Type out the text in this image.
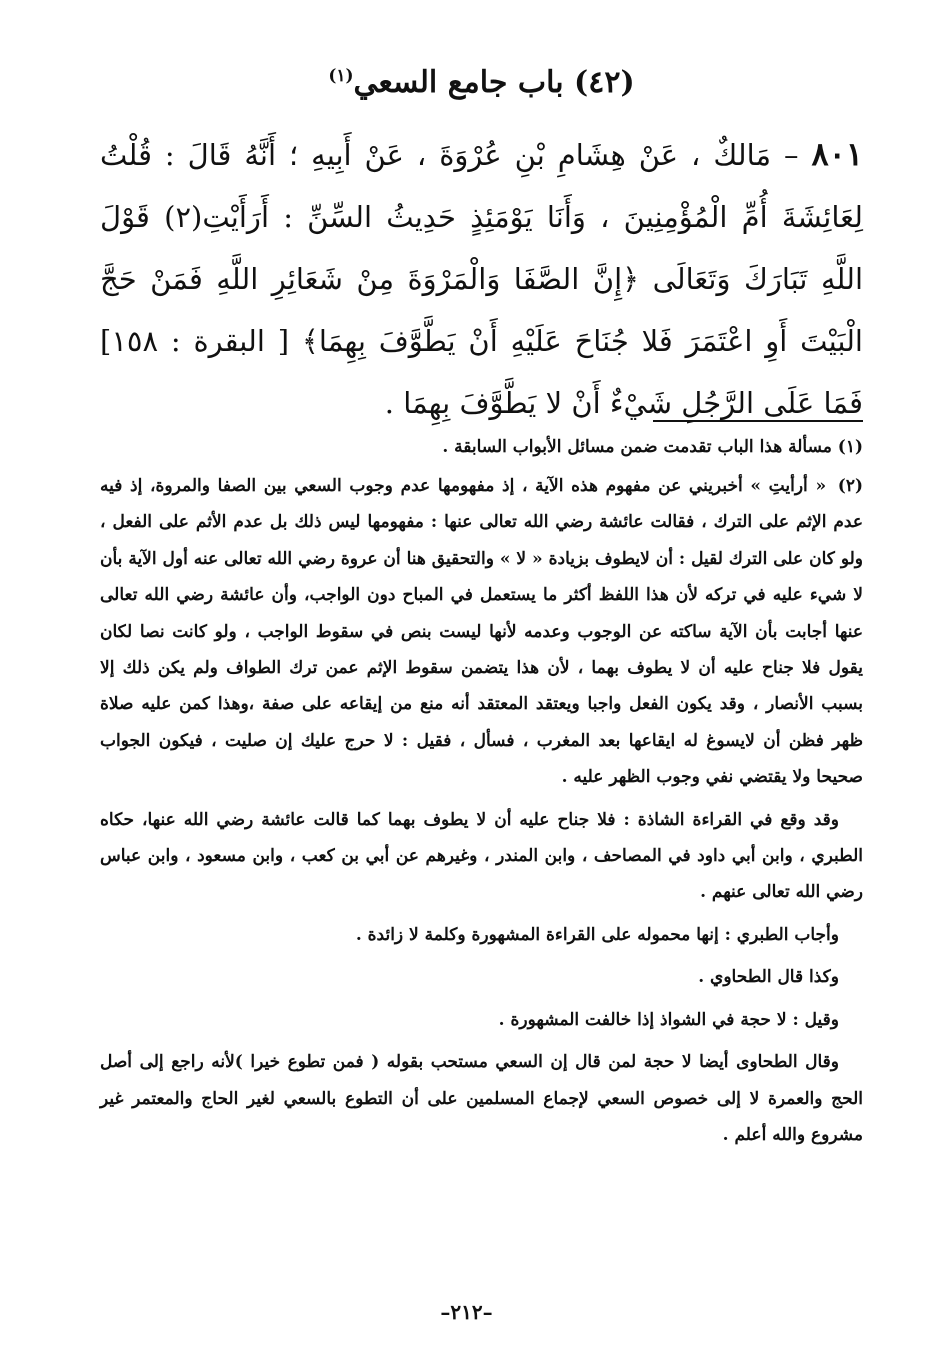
(٤٢) باب جامع السعي$^{(١)}$

٨٠١ – مَالكٌ ، عَنْ هِشَامِ بْنِ عُرْوَةَ ، عَنْ أَبِيهِ ؛ أَنَّهُ قَالَ : قُلْتُ لِعَائِشَةَ أُمِّ الْمُؤْمِنِينَ ، وَأَنَا يَوْمَئِذٍ حَدِيثُ السِّنِّ : أَرَأَيْتِ(٢) قَوْلَ اللَّهِ تَبَارَكَ وَتَعَالَى ﴿إِنَّ الصَّفَا وَالْمَرْوَةَ مِنْ شَعَائِرِ اللَّهِ فَمَنْ حَجَّ الْبَيْتَ أَوِ اعْتَمَرَ فَلا جُنَاحَ عَلَيْهِ أَنْ يَطَّوَّفَ بِهِمَا﴾ [ البقرة : ١٥٨] فَمَا عَلَى الرَّجُلِ شَيْءٌ أَنْ لا يَطَّوَّفَ بِهِمَا .

(١) مسألة هذا الباب تقدمت ضمن مسائل الأبواب السابقة .

(٢) « أرأيتِ » أخبريني عن مفهوم هذه الآية ، إذ مفهومها عدم وجوب السعي بين الصفا والمروة، إذ فيه عدم الإثم على الترك ، فقالت عائشة رضي الله تعالى عنها : مفهومها ليس ذلك بل عدم الأثم على الفعل ، ولو كان على الترك لقيل : أن لايطوف بزيادة « لا » والتحقيق هنا أن عروة رضي الله تعالى عنه أول الآية بأن لا شيء عليه في تركه لأن هذا اللفظ أكثر ما يستعمل في المباح دون الواجب، وأن عائشة رضي الله تعالى عنها أجابت بأن الآية ساكته عن الوجوب وعدمه لأنها ليست بنص في سقوط الواجب ، ولو كانت نصا لكان يقول فلا جناح عليه أن لا يطوف بهما ، لأن هذا يتضمن سقوط الإثم عمن ترك الطواف ولم يكن ذلك إلا بسبب الأنصار ، وقد يكون الفعل واجبا ويعتقد المعتقد أنه منع من إيقاعه على صفة ،وهذا كمن عليه صلاة ظهر فظن أن لايسوغ له ايقاعها بعد المغرب ، فسأل ، فقيل : لا حرج عليك إن صليت ، فيكون الجواب صحيحا ولا يقتضي نفي وجوب الظهر عليه .

وقد وقع في القراءة الشاذة : فلا جناح عليه أن لا يطوف بهما كما قالت عائشة رضي الله عنها، حكاه الطبري ، وابن أبي داود في المصاحف ، وابن المندر ، وغيرهم عن أبي بن كعب ، وابن مسعود ، وابن عباس رضي الله تعالى عنهم .

وأجاب الطبري : إنها محموله على القراءة المشهورة وكلمة لا زائدة .

وكذا قال الطحاوي .

وقيل : لا حجة في الشواذ إذا خالفت المشهورة .

وقال الطحاوى أيضا لا حجة لمن قال إن السعي مستحب بقوله ( فمن تطوع خيرا )لأنه راجع إلى أصل الحج والعمرة لا إلى خصوص السعي لإجماع المسلمين على أن التطوع بالسعي لغير الحاج والمعتمر غير مشروع والله أعلم .

–٢١٢–
